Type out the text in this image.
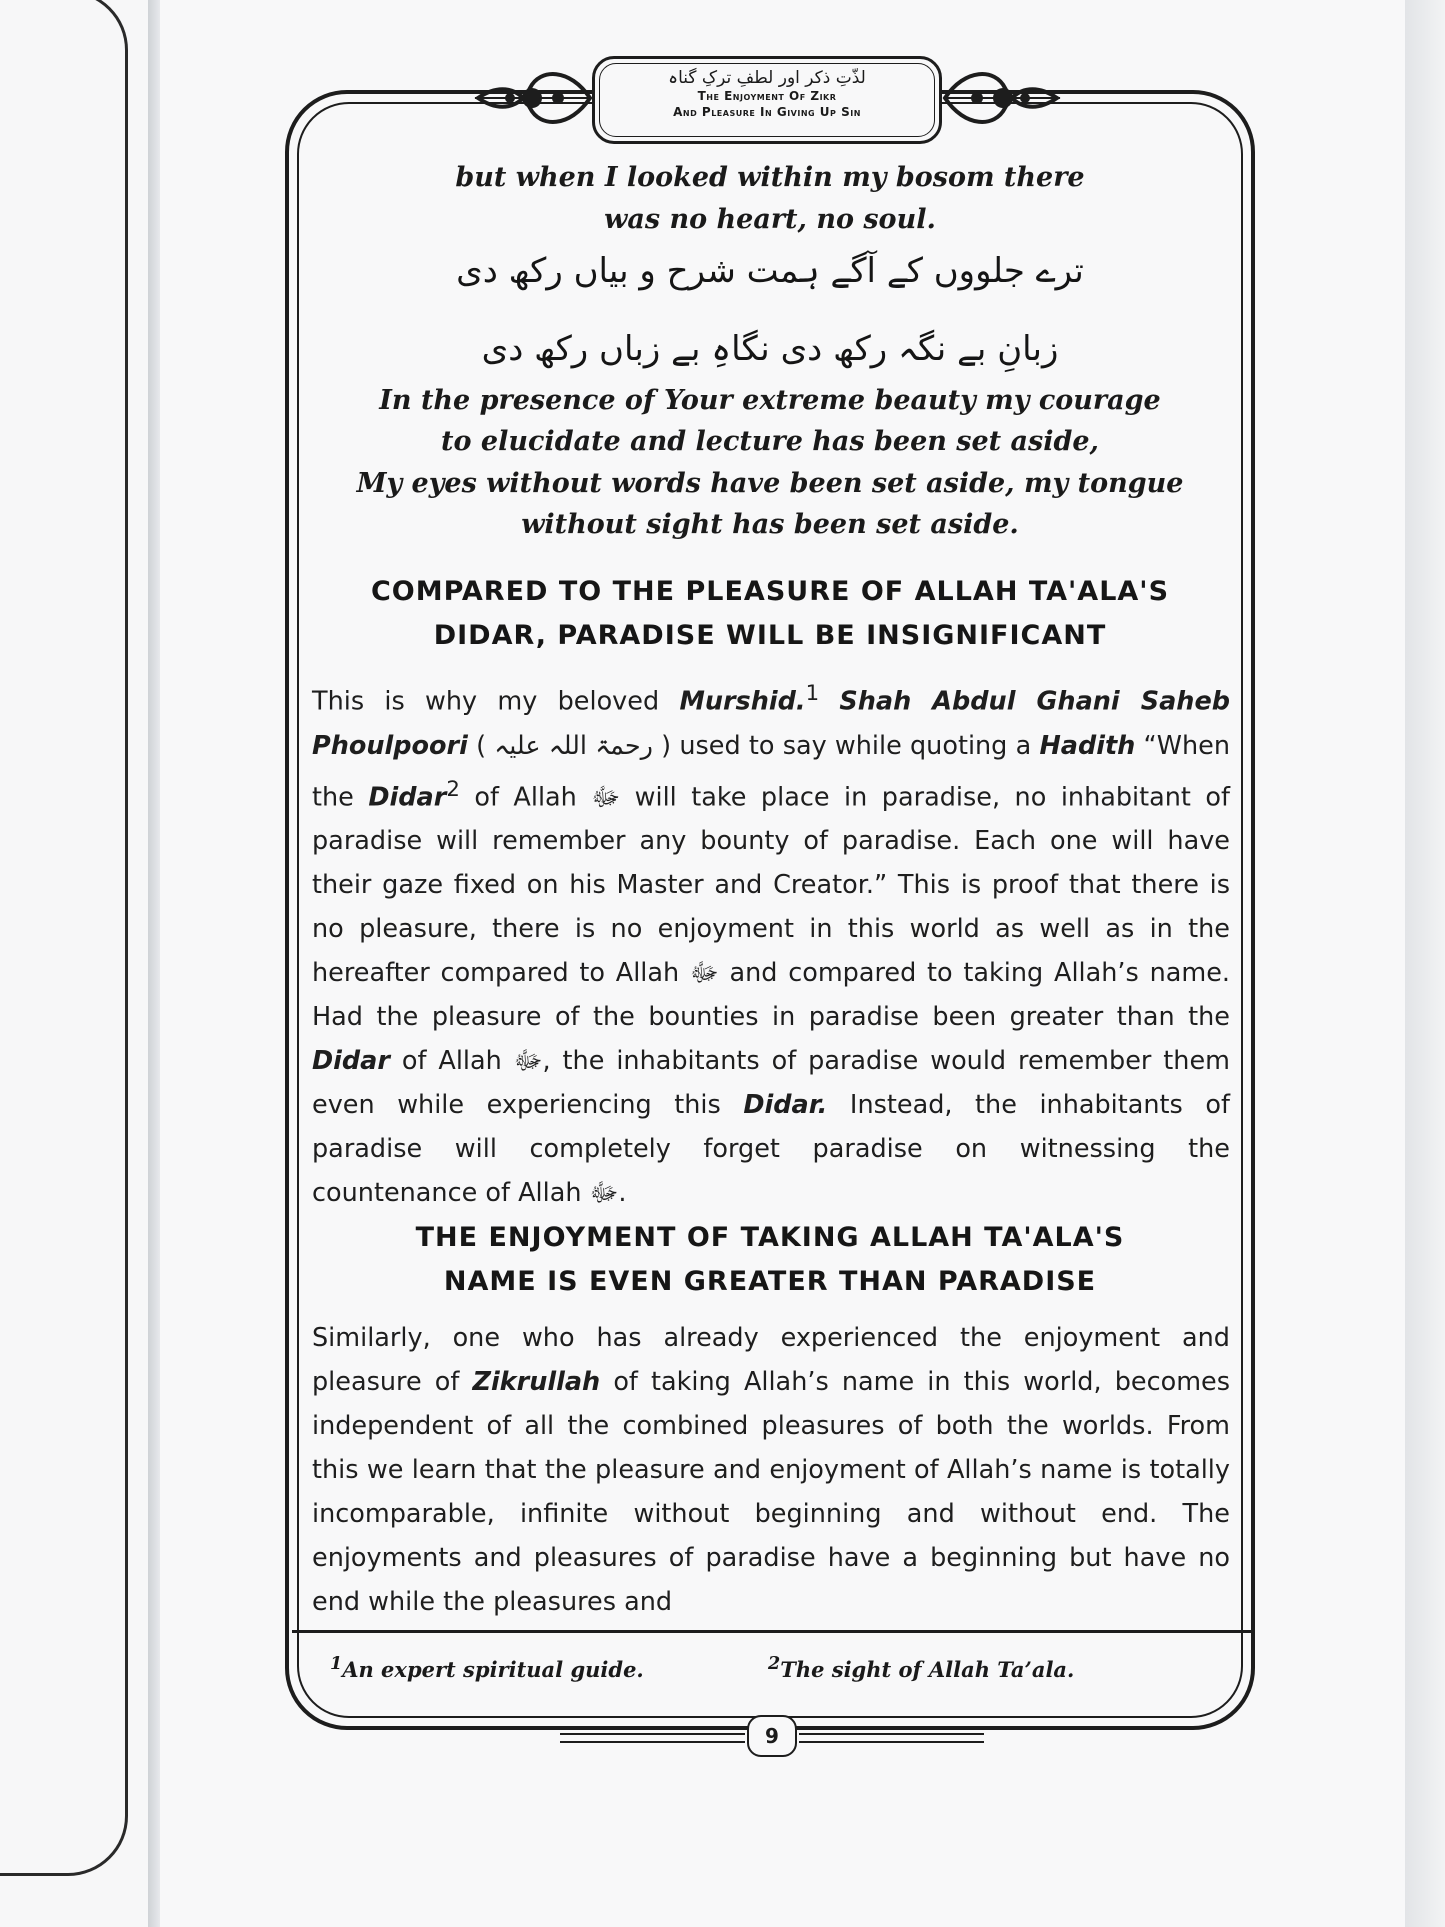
لذّتِ ذکر اور لطفِ ترکِ گناہ
The Enjoyment Of Zikr
And Pleasure In Giving Up Sin
but when I looked within my bosom there
was no heart, no soul.
ترے جلووں کے آگے ہمت شرح و بیاں رکھ دی
زبانِ بے نگہ رکھ دی نگاہِ بے زباں رکھ دی
In the presence of Your extreme beauty my courage
to elucidate and lecture has been set aside,
My eyes without words have been set aside, my tongue
without sight has been set aside.
COMPARED TO THE PLEASURE OF ALLAH TA'ALA'S
DIDAR, PARADISE WILL BE INSIGNIFICANT
This is why my beloved Murshid.$^1$ Shah Abdul Ghani Saheb Phoulpoori ( رحمۃ اللہ علیہ ) used to say while quoting a Hadith “When the Didar$^2$ of Allah ﷻ will take place in paradise, no inhabitant of paradise will remember any bounty of paradise. Each one will have their gaze fixed on his Master and Creator.” This is proof that there is no pleasure, there is no enjoyment in this world as well as in the hereafter compared to Allah ﷻ and compared to taking Allah’s name. Had the pleasure of the bounties in paradise been greater than the Didar of Allah ﷻ, the inhabitants of paradise would remember them even while experiencing this Didar. Instead, the inhabitants of paradise will completely forget paradise on witnessing the countenance of Allah ﷻ.
THE ENJOYMENT OF TAKING ALLAH TA'ALA'S
NAME IS EVEN GREATER THAN PARADISE
Similarly, one who has already experienced the enjoyment and pleasure of Zikrullah of taking Allah’s name in this world, becomes independent of all the combined pleasures of both the worlds. From this we learn that the pleasure and enjoyment of Allah’s name is totally incomparable, infinite without beginning and without end. The enjoyments and pleasures of paradise have a beginning but have no end while the pleasures and
$^1$An expert spiritual guide.	$^2$The sight of Allah Ta’ala.
9
